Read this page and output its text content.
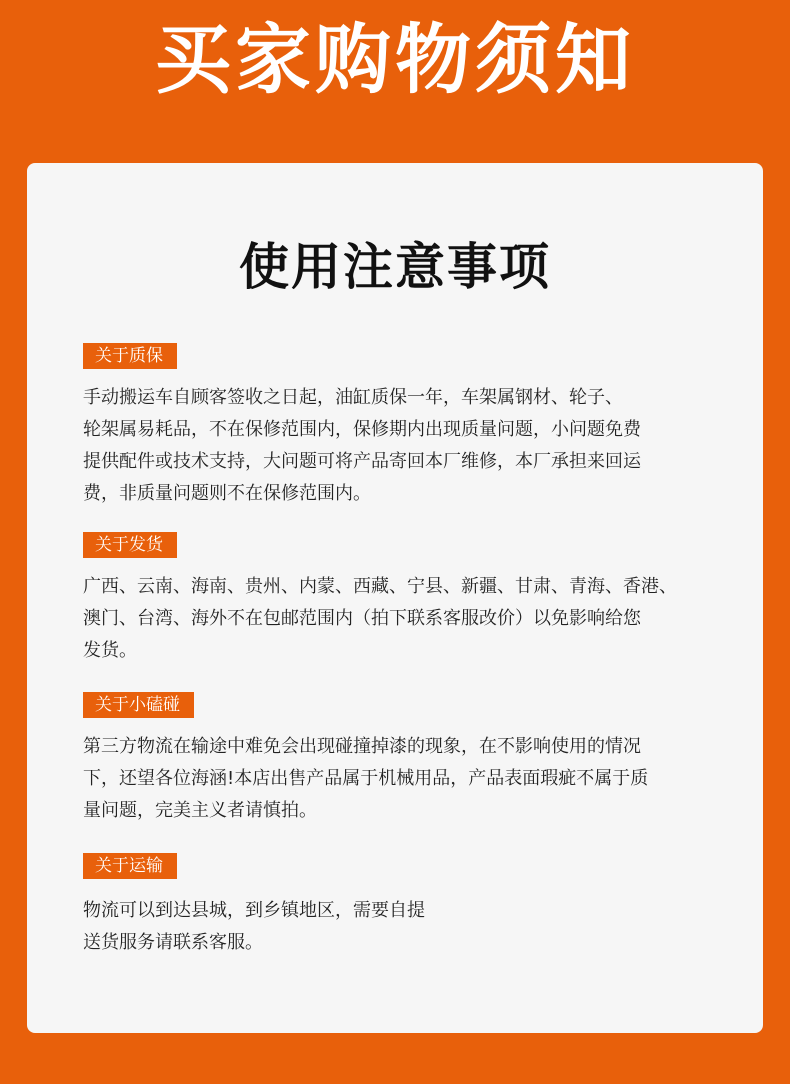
买家购物须知
使用注意事项
关于质保
手动搬运车自顾客签收之日起，油缸质保一年，车架属钢材、轮子、
轮架属易耗品，不在保修范围内，保修期内出现质量问题，小问题免费
提供配件或技术支持，大问题可将产品寄回本厂维修，本厂承担来回运
费，非质量问题则不在保修范围内。
关于发货
广西、云南、海南、贵州、内蒙、西藏、宁县、新疆、甘肃、青海、香港、
澳门、台湾、海外不在包邮范围内（拍下联系客服改价）以免影响给您
发货。
关于小磕碰
第三方物流在输途中难免会出现碰撞掉漆的现象，在不影响使用的情况
下，还望各位海涵!本店出售产品属于机械用品，产品表面瑕疵不属于质
量问题，完美主义者请慎拍。
关于运输
物流可以到达县城，到乡镇地区，需要自提
送货服务请联系客服。
